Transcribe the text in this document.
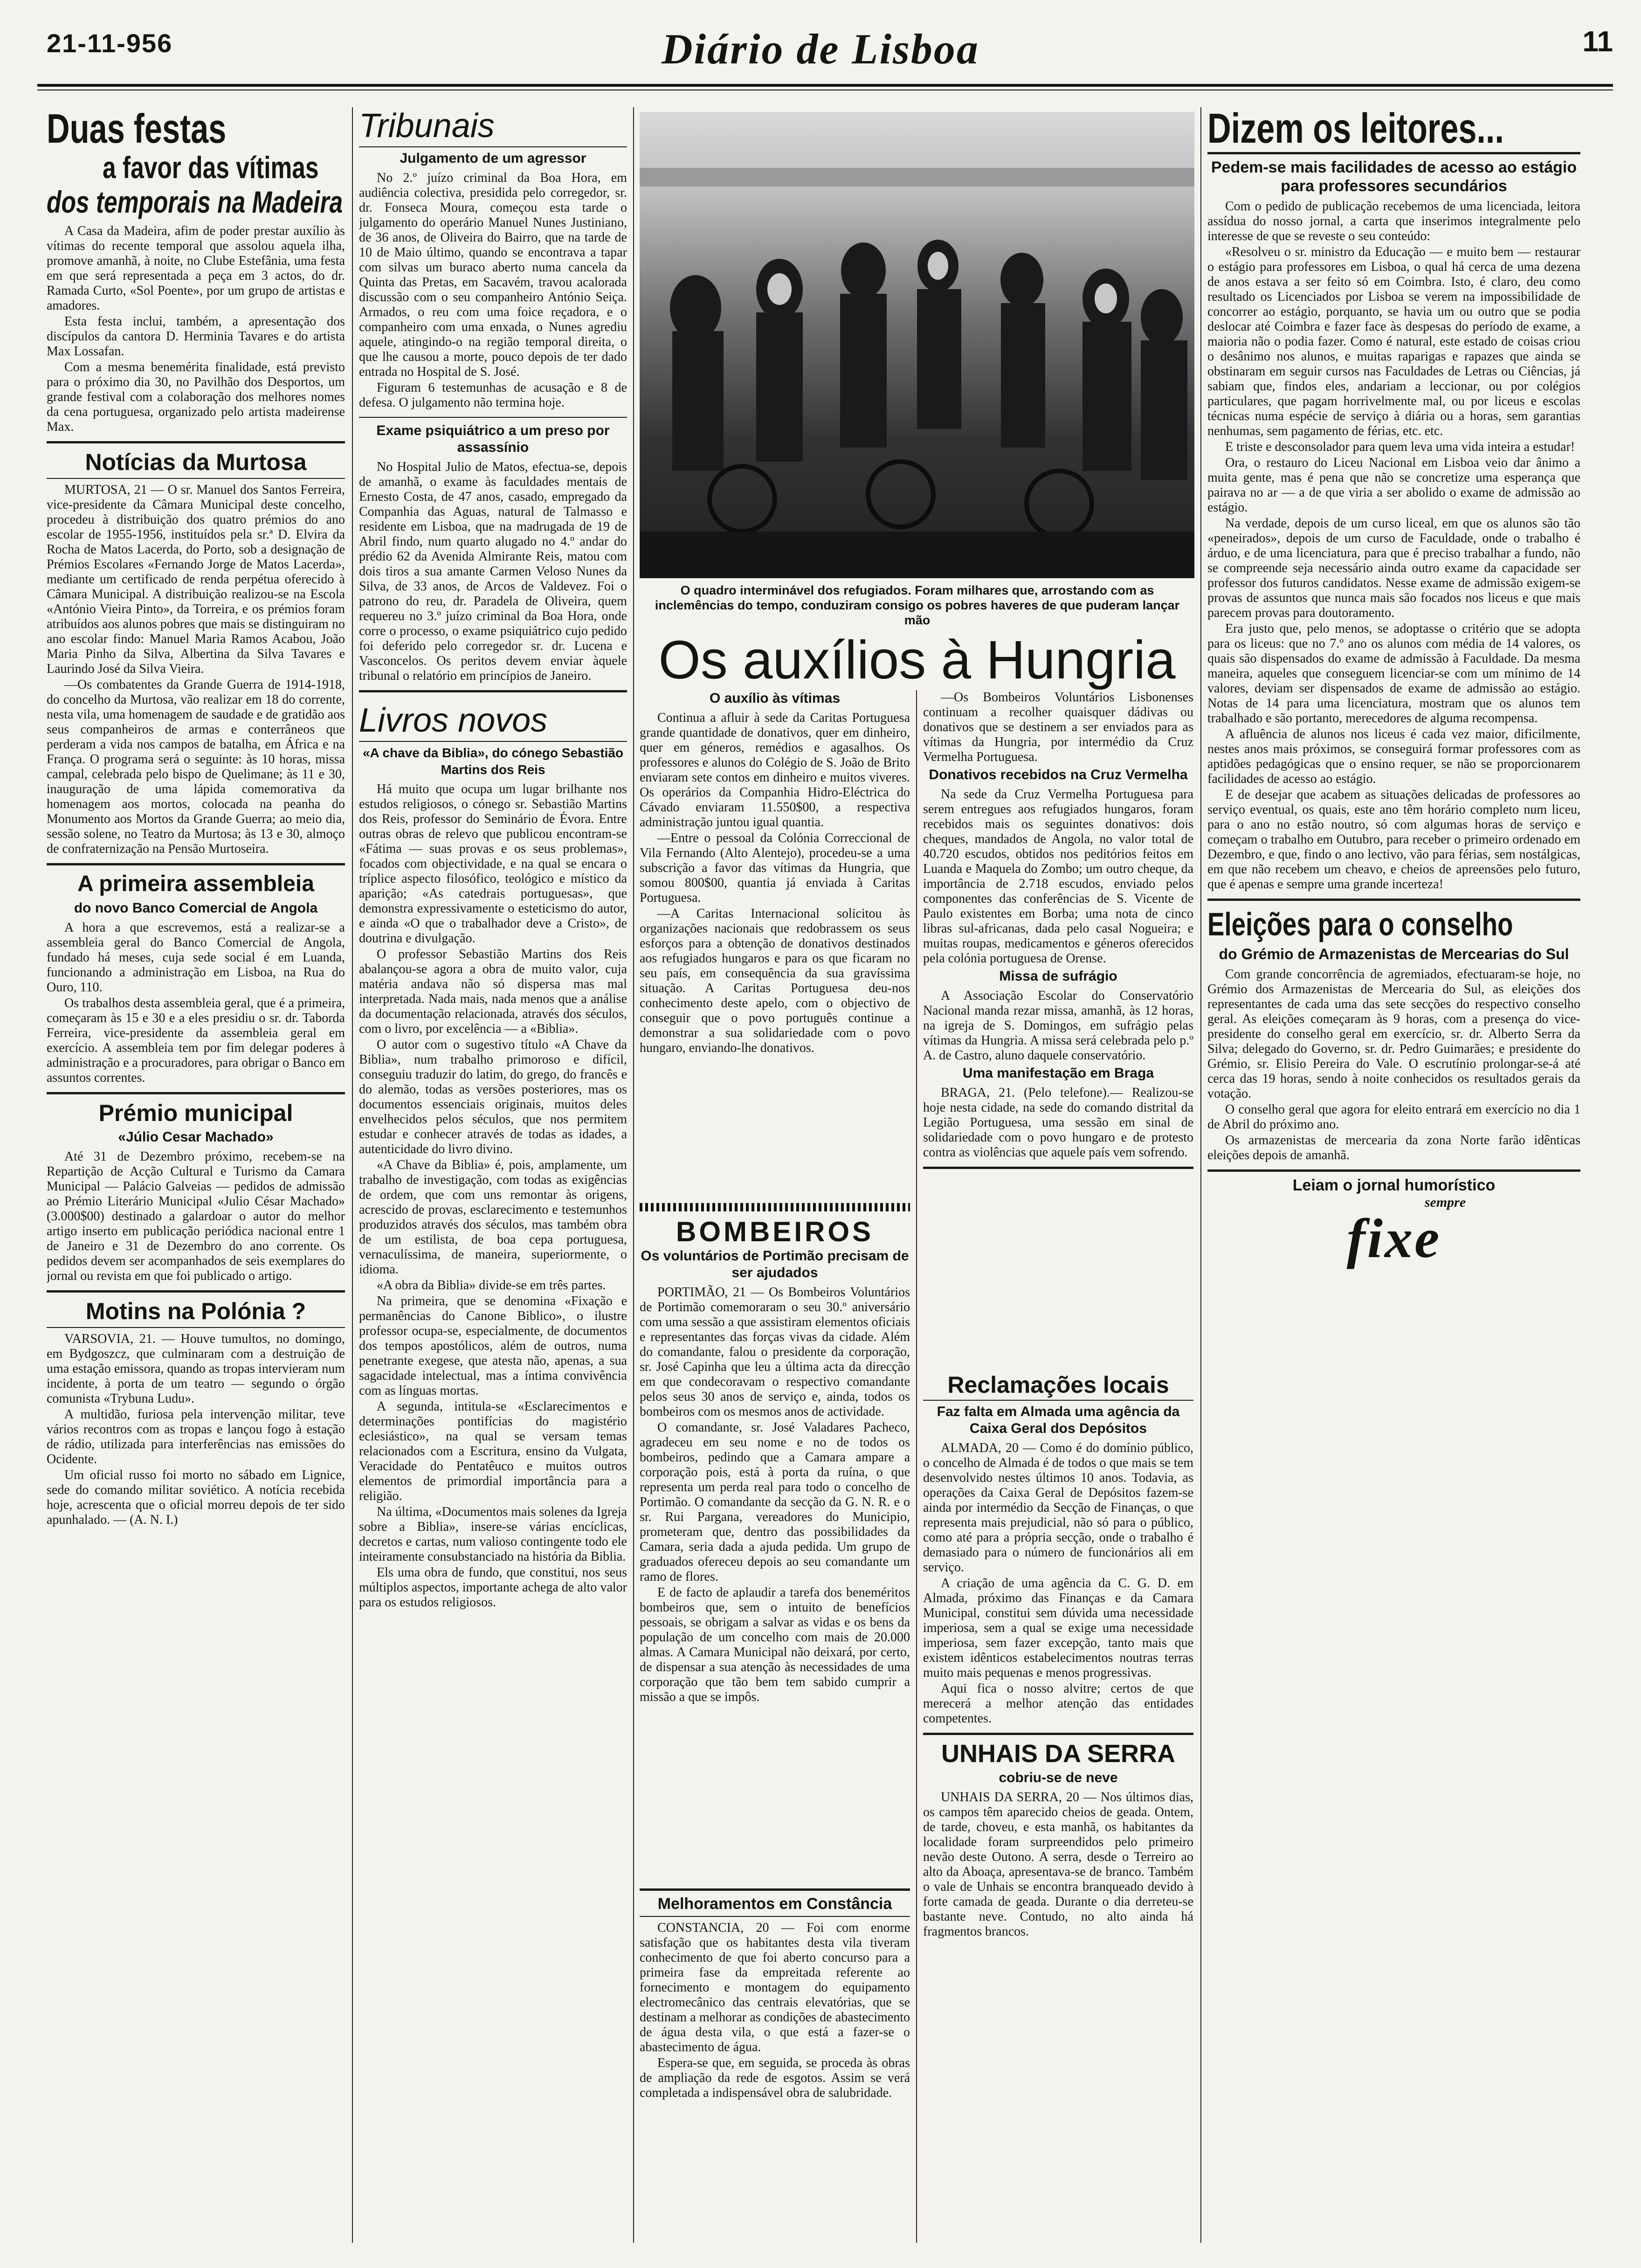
21-11-956	Diário de Lisboa	11
Duas festas
a favor das vítimas
dos temporais na Madeira

A Casa da Madeira, afim de poder prestar auxílio às vítimas do recente temporal que assolou aquela ilha, promove amanhã, à noite, no Clube Estefânia, uma festa em que será representada a peça em 3 actos, do dr. Ramada Curto, «Sol Poente», por um grupo de artistas e amadores.

Esta festa inclui, também, a apresentação dos discípulos da cantora D. Herminia Tavares e do artista Max Lossafan.

Com a mesma benemérita finalidade, está previsto para o próximo dia 30, no Pavilhão dos Desportos, um grande festival com a colaboração dos melhores nomes da cena portuguesa, organizado pelo artista madeirense Max.

Notícias da Murtosa

MURTOSA, 21 — O sr. Manuel dos Santos Ferreira, vice-presidente da Câmara Municipal deste concelho, procedeu à distribuição dos quatro prémios do ano escolar de 1955-1956, instituídos pela sr.ª D. Elvira da Rocha de Matos Lacerda, do Porto, sob a designação de Prémios Escolares «Fernando Jorge de Matos Lacerda», mediante um certificado de renda perpétua oferecido à Câmara Municipal. A distribuição realizou-se na Escola «António Vieira Pinto», da Torreira, e os prémios foram atribuídos aos alunos pobres que mais se distinguiram no ano escolar findo: Manuel Maria Ramos Acabou, João Maria Pinho da Silva, Albertina da Silva Tavares e Laurindo José da Silva Vieira.

—Os combatentes da Grande Guerra de 1914-1918, do concelho da Murtosa, vão realizar em 18 do corrente, nesta vila, uma homenagem de saudade e de gratidão aos seus companheiros de armas e conterrâneos que perderam a vida nos campos de batalha, em África e na França. O programa será o seguinte: às 10 horas, missa campal, celebrada pelo bispo de Quelimane; às 11 e 30, inauguração de uma lápida comemorativa da homenagem aos mortos, colocada na peanha do Monumento aos Mortos da Grande Guerra; ao meio dia, sessão solene, no Teatro da Murtosa; às 13 e 30, almoço de confraternização na Pensão Murtoseira.

A primeira assembleia
do novo Banco Comercial de Angola

A hora a que escrevemos, está a realizar-se a assembleia geral do Banco Comercial de Angola, fundado há meses, cuja sede social é em Luanda, funcionando a administração em Lisboa, na Rua do Ouro, 110.

Os trabalhos desta assembleia geral, que é a primeira, começaram às 15 e 30 e a eles presidiu o sr. dr. Taborda Ferreira, vice-presidente da assembleia geral em exercício. A assembleia tem por fim delegar poderes à administração e a procuradores, para obrigar o Banco em assuntos correntes.

Prémio municipal
«Júlio Cesar Machado»

Até 31 de Dezembro próximo, recebem-se na Repartição de Acção Cultural e Turismo da Camara Municipal — Palácio Galveias — pedidos de admissão ao Prémio Literário Municipal «Julio César Machado» (3.000$00) destinado a galardoar o autor do melhor artigo inserto em publicação periódica nacional entre 1 de Janeiro e 31 de Dezembro do ano corrente. Os pedidos devem ser acompanhados de seis exemplares do jornal ou revista em que foi publicado o artigo.

Motins na Polónia ?

VARSOVIA, 21. — Houve tumultos, no domingo, em Bydgoszcz, que culminaram com a destruição de uma estação emissora, quando as tropas intervieram num incidente, à porta de um teatro — segundo o órgão comunista «Trybuna Ludu».

A multidão, furiosa pela intervenção militar, teve vários recontros com as tropas e lançou fogo à estação de rádio, utilizada para interferências nas emissões do Ocidente.

Um oficial russo foi morto no sábado em Lignice, sede do comando militar soviético. A notícia recebida hoje, acrescenta que o oficial morreu depois de ter sido apunhalado. — (A. N. I.)

Tribunais
Julgamento de um agressor

No 2.º juízo criminal da Boa Hora, em audiência colectiva, presidida pelo corregedor, sr. dr. Fonseca Moura, começou esta tarde o julgamento do operário Manuel Nunes Justiniano, de 36 anos, de Oliveira do Bairro, que na tarde de 10 de Maio último, quando se encontrava a tapar com silvas um buraco aberto numa cancela da Quinta das Pretas, em Sacavém, travou acalorada discussão com o seu companheiro António Seiça. Armados, o reu com uma foice reçadora, e o companheiro com uma enxada, o Nunes agrediu aquele, atingindo-o na região temporal direita, o que lhe causou a morte, pouco depois de ter dado entrada no Hospital de S. José.

Figuram 6 testemunhas de acusação e 8 de defesa. O julgamento não termina hoje.

Exame psiquiátrico a um preso por assassínio

No Hospital Julio de Matos, efectua-se, depois de amanhã, o exame às faculdades mentais de Ernesto Costa, de 47 anos, casado, empregado da Companhia das Aguas, natural de Talmasso e residente em Lisboa, que na madrugada de 19 de Abril findo, num quarto alugado no 4.º andar do prédio 62 da Avenida Almirante Reis, matou com dois tiros a sua amante Carmen Veloso Nunes da Silva, de 33 anos, de Arcos de Valdevez. Foi o patrono do reu, dr. Paradela de Oliveira, quem requereu no 3.º juízo criminal da Boa Hora, onde corre o processo, o exame psiquiátrico cujo pedido foi deferido pelo corregedor sr. dr. Lucena e Vasconcelos. Os peritos devem enviar àquele tribunal o relatório em princípios de Janeiro.

Livros novos
«A chave da Biblia», do cónego Sebastião Martins dos Reis

Há muito que ocupa um lugar brilhante nos estudos religiosos, o cónego sr. Sebastião Martins dos Reis, professor do Seminário de Évora. Entre outras obras de relevo que publicou encontram-se «Fátima — suas provas e os seus problemas», focados com objectividade, e na qual se encara o tríplice aspecto filosófico, teológico e místico da aparição; «As catedrais portuguesas», que demonstra expressivamente o esteticismo do autor, e ainda «O que o trabalhador deve a Cristo», de doutrina e divulgação.

O professor Sebastião Martins dos Reis abalançou-se agora a obra de muito valor, cuja matéria andava não só dispersa mas mal interpretada. Nada mais, nada menos que a análise da documentação relacionada, através dos séculos, com o livro, por excelência — a «Biblia».

O autor com o sugestivo título «A Chave da Biblia», num trabalho primoroso e difícil, conseguiu traduzir do latim, do grego, do francês e do alemão, todas as versões posteriores, mas os documentos essenciais originais, muitos deles envelhecidos pelos séculos, que nos permitem estudar e conhecer através de todas as idades, a autenticidade do livro divino.

«A Chave da Biblia» é, pois, amplamente, um trabalho de investigação, com todas as exigências de ordem, que com uns remontar às origens, acrescido de provas, esclarecimento e testemunhos produzidos através dos séculos, mas também obra de um estilista, de boa cepa portuguesa, vernaculíssima, de maneira, superiormente, o idioma.

«A obra da Biblia» divide-se em três partes.

Na primeira, que se denomina «Fixação e permanências do Canone Biblico», o ilustre professor ocupa-se, especialmente, de documentos dos tempos apostólicos, além de outros, numa penetrante exegese, que atesta não, apenas, a sua sagacidade intelectual, mas a íntima convivência com as línguas mortas.

A segunda, intitula-se «Esclarecimentos e determinações pontifícias do magistério eclesiástico», na qual se versam temas relacionados com a Escritura, ensino da Vulgata, Veracidade do Pentatêuco e muitos outros elementos de primordial importância para a religião.

Na última, «Documentos mais solenes da Igreja sobre a Biblia», insere-se várias encíclicas, decretos e cartas, num valioso contingente todo ele inteiramente consubstanciado na história da Biblia.

Els uma obra de fundo, que constitui, nos seus múltiplos aspectos, importante achega de alto valor para os estudos religiosos.

O quadro interminável dos refugiados. Foram milhares que, arrostando com as inclemências do tempo, conduziram consigo os pobres haveres de que puderam lançar mão
Os auxílios à Hungria
O auxílio às vítimas

Continua a afluir à sede da Caritas Portuguesa grande quantidade de donativos, quer em dinheiro, quer em géneros, remédios e agasalhos. Os professores e alunos do Colégio de S. João de Brito enviaram sete contos em dinheiro e muitos viveres. Os operários da Companhia Hidro-Eléctrica do Cávado enviaram 11.550$00, a respectiva administração juntou igual quantia.

—Entre o pessoal da Colónia Correccional de Vila Fernando (Alto Alentejo), procedeu-se a uma subscrição a favor das vítimas da Hungria, que somou 800$00, quantia já enviada à Caritas Portuguesa.

—A Caritas Internacional solicitou às organizações nacionais que redobrassem os seus esforços para a obtenção de donativos destinados aos refugiados hungaros e para os que ficaram no seu país, em consequência da sua gravíssima situação. A Caritas Portuguesa deu-nos conhecimento deste apelo, com o objectivo de conseguir que o povo português continue a demonstrar a sua solidariedade com o povo hungaro, enviando-lhe donativos.

—Os Bombeiros Voluntários Lisbonenses continuam a recolher quaisquer dádivas ou donativos que se destinem a ser enviados para as vítimas da Hungria, por intermédio da Cruz Vermelha Portuguesa.

Donativos recebidos na Cruz Vermelha

Na sede da Cruz Vermelha Portuguesa para serem entregues aos refugiados hungaros, foram recebidos mais os seguintes donativos: dois cheques, mandados de Angola, no valor total de 40.720 escudos, obtidos nos peditórios feitos em Luanda e Maquela do Zombo; um outro cheque, da importância de 2.718 escudos, enviado pelos componentes das conferências de S. Vicente de Paulo existentes em Borba; uma nota de cinco libras sul-africanas, dada pelo casal Nogueira; e muitas roupas, medicamentos e géneros oferecidos pela colónia portuguesa de Orense.

Missa de sufrágio

A Associação Escolar do Conservatório Nacional manda rezar missa, amanhã, às 12 horas, na igreja de S. Domingos, em sufrágio pelas vítimas da Hungria. A missa será celebrada pelo p.º A. de Castro, aluno daquele conservatório.

Uma manifestação em Braga

BRAGA, 21. (Pelo telefone).— Realizou-se hoje nesta cidade, na sede do comando distrital da Legião Portuguesa, uma sessão em sinal de solidariedade com o povo hungaro e de protesto contra as violências que aquele país vem sofrendo.

BOMBEIROS
Os voluntários de Portimão precisam de ser ajudados

PORTIMÃO, 21 — Os Bombeiros Voluntários de Portimão comemoraram o seu 30.º aniversário com uma sessão a que assistiram elementos oficiais e representantes das forças vivas da cidade. Além do comandante, falou o presidente da corporação, sr. José Capinha que leu a última acta da direcção em que condecoravam o respectivo comandante pelos seus 30 anos de serviço e, ainda, todos os bombeiros com os mesmos anos de actividade.

O comandante, sr. José Valadares Pacheco, agradeceu em seu nome e no de todos os bombeiros, pedindo que a Camara ampare a corporação pois, está à porta da ruína, o que representa um perda real para todo o concelho de Portimão. O comandante da secção da G. N. R. e o sr. Rui Pargana, vereadores do Municipio, prometeram que, dentro das possibilidades da Camara, seria dada a ajuda pedida. Um grupo de graduados ofereceu depois ao seu comandante um ramo de flores.

E de facto de aplaudir a tarefa dos beneméritos bombeiros que, sem o intuito de benefícios pessoais, se obrigam a salvar as vidas e os bens da população de um concelho com mais de 20.000 almas. A Camara Municipal não deixará, por certo, de dispensar a sua atenção às necessidades de uma corporação que tão bem tem sabido cumprir a missão a que se impôs.

Melhoramentos em Constância

CONSTANCIA, 20 — Foi com enorme satisfação que os habitantes desta vila tiveram conhecimento de que foi aberto concurso para a primeira fase da empreitada referente ao fornecimento e montagem do equipamento electromecânico das centrais elevatórias, que se destinam a melhorar as condições de abastecimento de água desta vila, o que está a fazer-se o abastecimento de água.

Espera-se que, em seguida, se proceda às obras de ampliação da rede de esgotos. Assim se verá completada a indispensável obra de salubridade.

Reclamações locais
Faz falta em Almada uma agência da Caixa Geral dos Depósitos

ALMADA, 20 — Como é do domínio público, o concelho de Almada é de todos o que mais se tem desenvolvido nestes últimos 10 anos. Todavia, as operações da Caixa Geral de Depósitos fazem-se ainda por intermédio da Secção de Finanças, o que representa mais prejudicial, não só para o público, como até para a própria secção, onde o trabalho é demasiado para o número de funcionários ali em serviço.

A criação de uma agência da C. G. D. em Almada, próximo das Finanças e da Camara Municipal, constitui sem dúvida uma necessidade imperiosa, sem a qual se exige uma necessidade imperiosa, sem fazer excepção, tanto mais que existem idênticos estabelecimentos noutras terras muito mais pequenas e menos progressivas.

Aqui fica o nosso alvitre; certos de que merecerá a melhor atenção das entidades competentes.

UNHAIS DA SERRA
cobriu-se de neve

UNHAIS DA SERRA, 20 — Nos últimos dias, os campos têm aparecido cheios de geada. Ontem, de tarde, choveu, e esta manhã, os habitantes da localidade foram surpreendidos pelo primeiro nevão deste Outono. A serra, desde o Terreiro ao alto da Aboaça, apresentava-se de branco. Também o vale de Unhais se encontra branqueado devido à forte camada de geada. Durante o dia derreteu-se bastante neve. Contudo, no alto ainda há fragmentos brancos.

Dizem os leitores...
Pedem-se mais facilidades de acesso ao estágio para professores secundários

Com o pedido de publicação recebemos de uma licenciada, leitora assídua do nosso jornal, a carta que inserimos integralmente pelo interesse de que se reveste o seu conteúdo:

«Resolveu o sr. ministro da Educação — e muito bem — restaurar o estágio para professores em Lisboa, o qual há cerca de uma dezena de anos estava a ser feito só em Coimbra. Isto, é claro, deu como resultado os Licenciados por Lisboa se verem na impossibilidade de concorrer ao estágio, porquanto, se havia um ou outro que se podia deslocar até Coimbra e fazer face às despesas do período de exame, a maioria não o podia fazer. Como é natural, este estado de coisas criou o desânimo nos alunos, e muitas raparigas e rapazes que ainda se obstinaram em seguir cursos nas Faculdades de Letras ou Ciências, já sabiam que, findos eles, andariam a leccionar, ou por colégios particulares, que pagam horrivelmente mal, ou por liceus e escolas técnicas numa espécie de serviço à diária ou a horas, sem garantias nenhumas, sem pagamento de férias, etc. etc.

E triste e desconsolador para quem leva uma vida inteira a estudar!

Ora, o restauro do Liceu Nacional em Lisboa veio dar ânimo a muita gente, mas é pena que não se concretize uma esperança que pairava no ar — a de que viria a ser abolido o exame de admissão ao estágio.

Na verdade, depois de um curso liceal, em que os alunos são tão «peneirados», depois de um curso de Faculdade, onde o trabalho é árduo, e de uma licenciatura, para que é preciso trabalhar a fundo, não se compreende seja necessário ainda outro exame da capacidade ser professor dos futuros candidatos. Nesse exame de admissão exigem-se provas de assuntos que nunca mais são focados nos liceus e que mais parecem provas para doutoramento.

Era justo que, pelo menos, se adoptasse o critério que se adopta para os liceus: que no 7.º ano os alunos com média de 14 valores, os quais são dispensados do exame de admissão à Faculdade. Da mesma maneira, aqueles que conseguem licenciar-se com um mínimo de 14 valores, deviam ser dispensados de exame de admissão ao estágio. Notas de 14 para uma licenciatura, mostram que os alunos tem trabalhado e são portanto, merecedores de alguma recompensa.

A afluência de alunos nos liceus é cada vez maior, dificilmente, nestes anos mais próximos, se conseguirá formar professores com as aptidões pedagógicas que o ensino requer, se não se proporcionarem facilidades de acesso ao estágio.

E de desejar que acabem as situações delicadas de professores ao serviço eventual, os quais, este ano têm horário completo num liceu, para o ano no estão noutro, só com algumas horas de serviço e começam o trabalho em Outubro, para receber o primeiro ordenado em Dezembro, e que, findo o ano lectivo, vão para férias, sem nostálgicas, em que não recebem um cheavo, e cheios de apreensões pelo futuro, que é apenas e sempre uma grande incerteza!

Eleições para o conselho
do Grémio de Armazenistas de Mercearias do Sul

Com grande concorrência de agremiados, efectuaram-se hoje, no Grémio dos Armazenistas de Mercearia do Sul, as eleições dos representantes de cada uma das sete secções do respectivo conselho geral. As eleições começaram às 9 horas, com a presença do vice-presidente do conselho geral em exercício, sr. dr. Alberto Serra da Silva; delegado do Governo, sr. dr. Pedro Guimarães; e presidente do Grémio, sr. Elisio Pereira do Vale. O escrutínio prolongar-se-á até cerca das 19 horas, sendo à noite conhecidos os resultados gerais da votação.

O conselho geral que agora for eleito entrará em exercício no dia 1 de Abril do próximo ano.

Os armazenistas de mercearia da zona Norte farão idênticas eleições depois de amanhã.

Leiam o jornal humorístico
sempre
fixe
